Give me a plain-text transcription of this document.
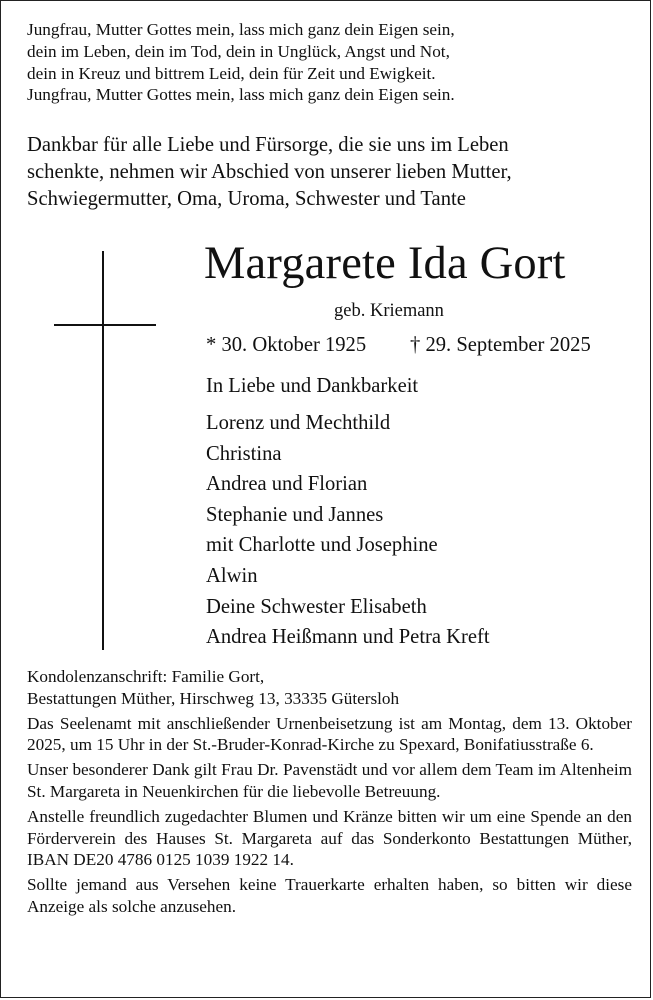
Jungfrau, Mutter Gottes mein, lass mich ganz dein Eigen sein,
dein im Leben, dein im Tod, dein in Unglück, Angst und Not,
dein in Kreuz und bittrem Leid, dein für Zeit und Ewigkeit.
Jungfrau, Mutter Gottes mein, lass mich ganz dein Eigen sein.
Dankbar für alle Liebe und Fürsorge, die sie uns im Leben
schenkte, nehmen wir Abschied von unserer lieben Mutter,
Schwiegermutter, Oma, Uroma, Schwester und Tante
Margarete Ida Gort
geb. Kriemann
* 30. Oktober 1925 † 29. September 2025
In Liebe und Dankbarkeit
Lorenz und Mechthild
Christina
Andrea und Florian
Stephanie und Jannes
mit Charlotte und Josephine
Alwin
Deine Schwester Elisabeth
Andrea Heißmann und Petra Kreft
Kondolenzanschrift: Familie Gort,
Bestattungen Müther, Hirschweg 13, 33335 Gütersloh
Das Seelenamt mit anschließender Urnenbeisetzung ist am Montag, dem 13. Oktober 2025, um 15 Uhr in der St.-Bruder-Konrad-Kirche zu Spexard, Bonifatiusstraße 6.
Unser besonderer Dank gilt Frau Dr. Pavenstädt und vor allem dem Team im Altenheim St. Margareta in Neuenkirchen für die liebevolle Betreuung.
Anstelle freundlich zugedachter Blumen und Kränze bitten wir um eine Spende an den Förderverein des Hauses St. Margareta auf das Sonderkonto Bestattungen Müther, IBAN DE20 4786 0125 1039 1922 14.
Sollte jemand aus Versehen keine Trauerkarte erhalten haben, so bitten wir diese Anzeige als solche anzusehen.
